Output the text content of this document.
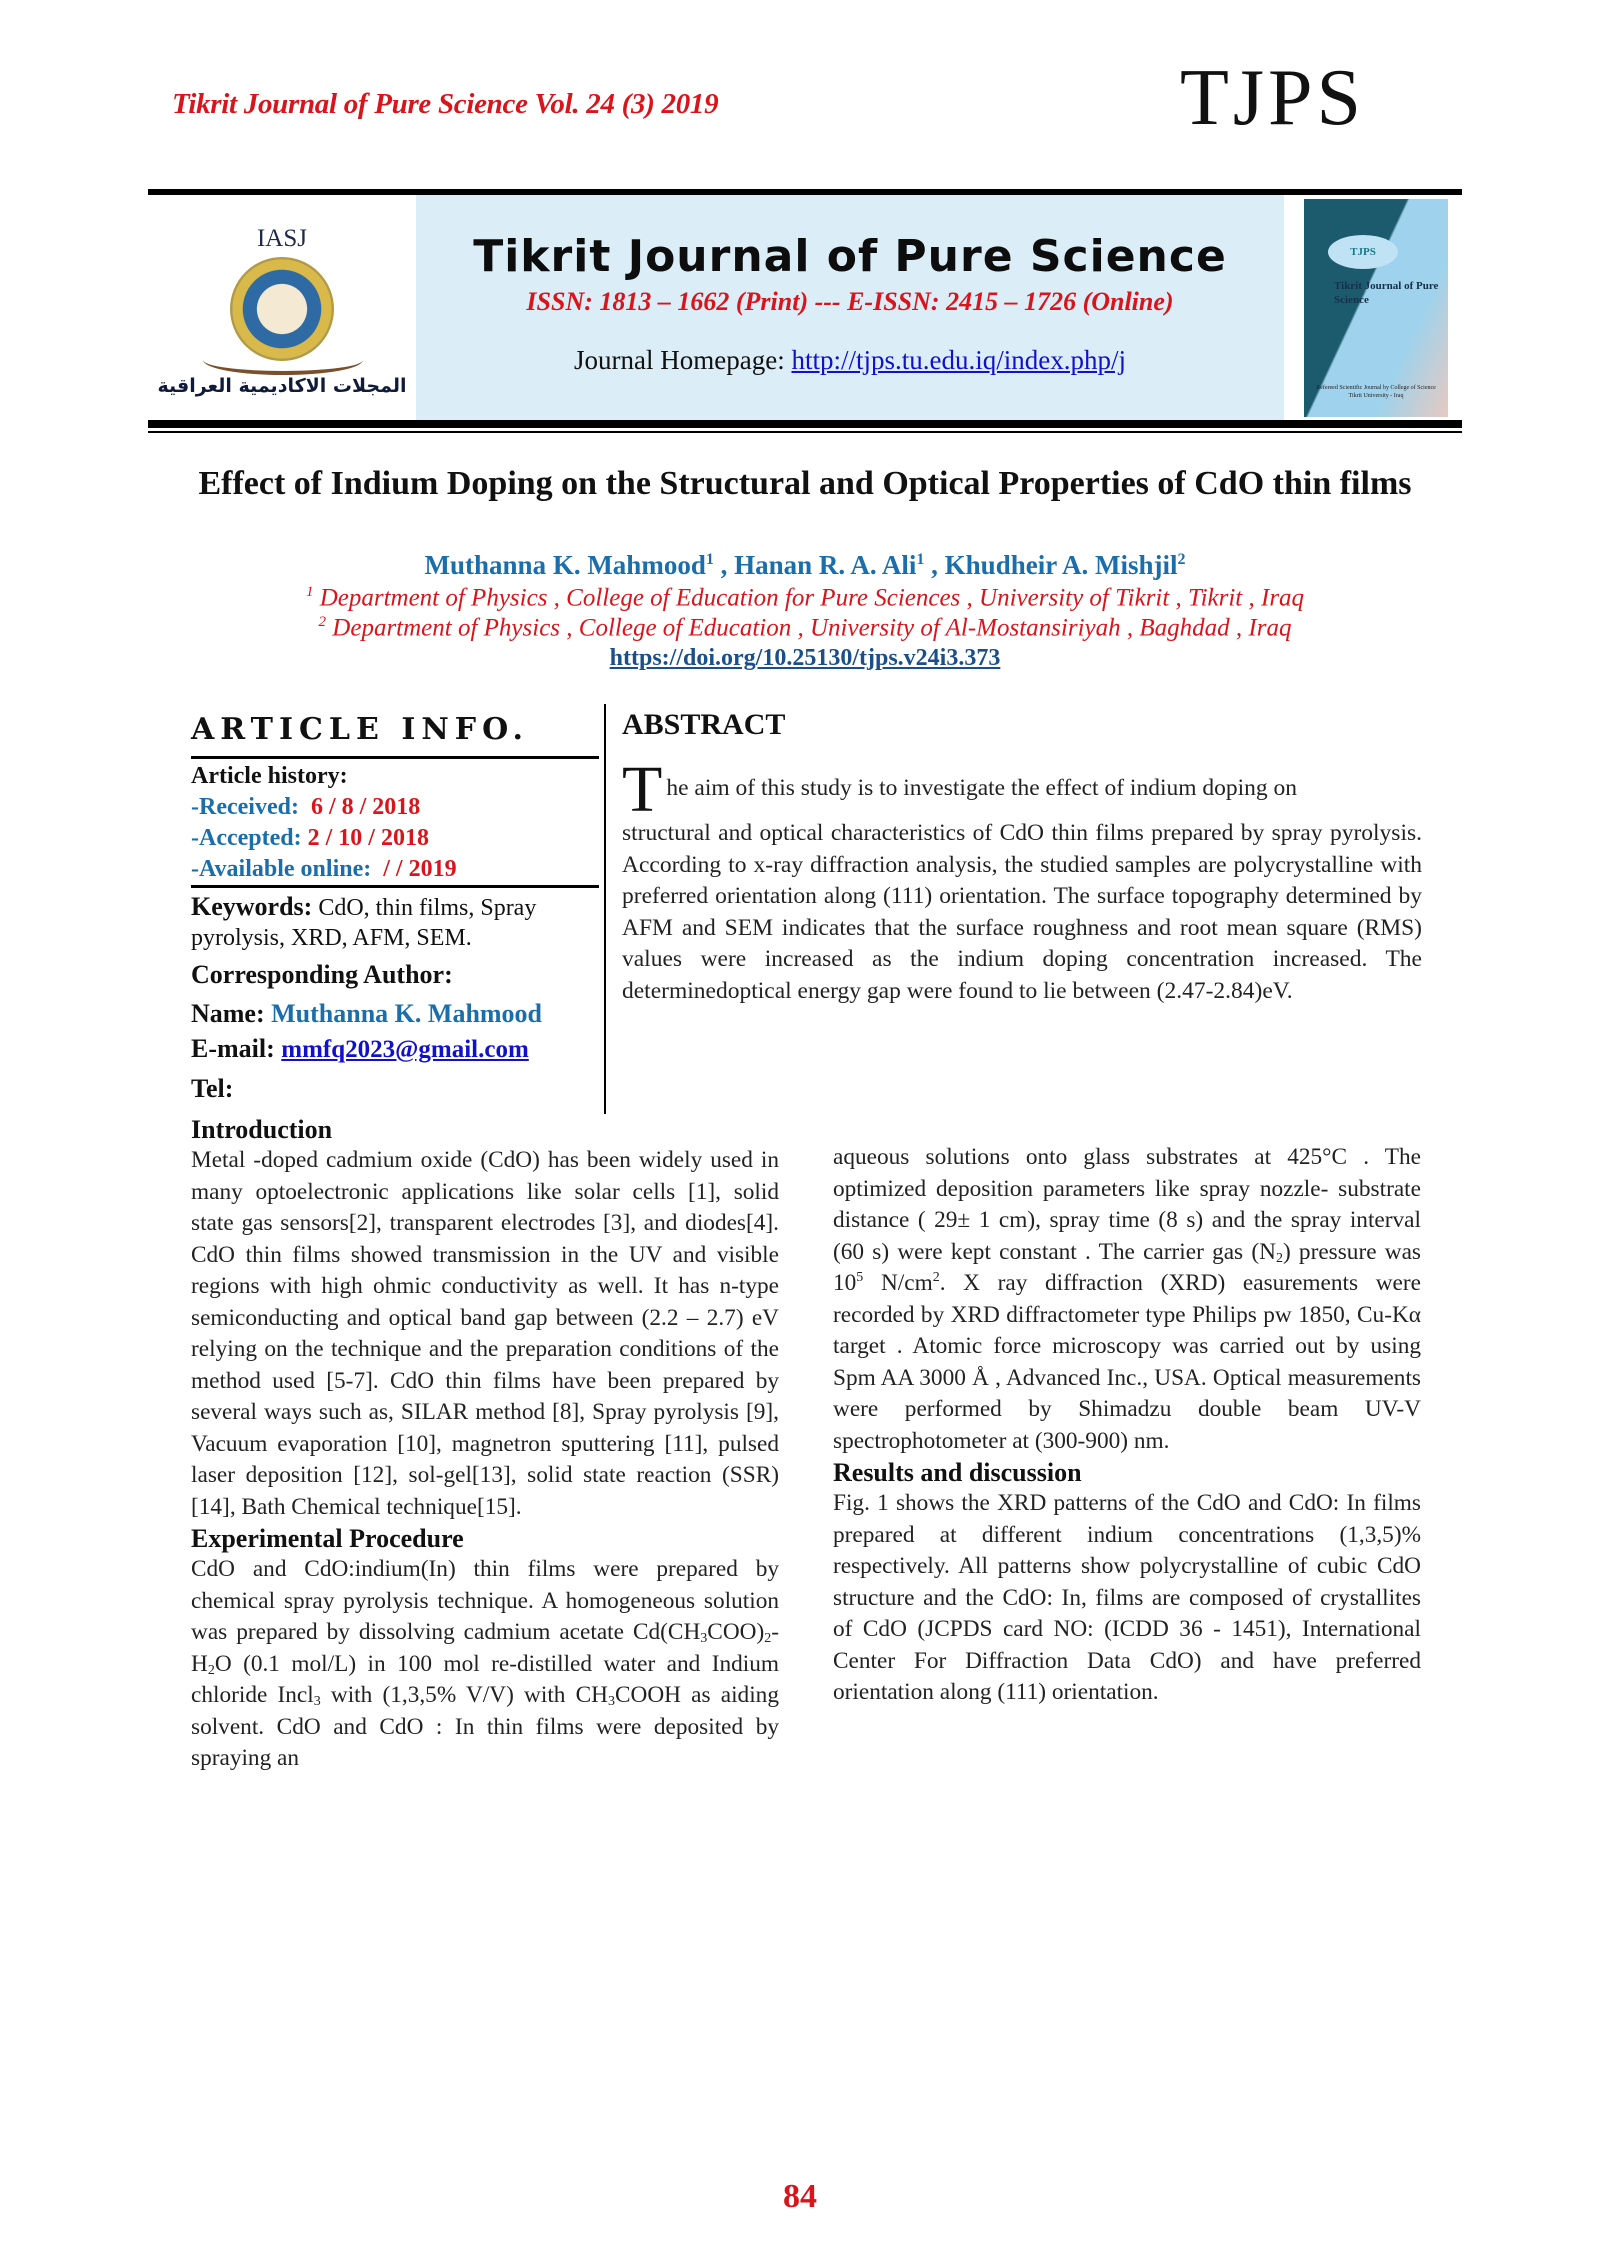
Tikrit Journal of Pure Science Vol. 24 (3) 2019	TJPS
IASJ
المجلات الاكاديمية العراقية
Tikrit Journal of Pure Science
ISSN: 1813 – 1662 (Print) --- E-ISSN: 2415 – 1726 (Online)
Journal Homepage: http://tjps.tu.edu.iq/index.php/j
TJPS
Tikrit Journal of Pure Science
Refereed Scientific Journal by College of Science Tikrit University - Iraq
Effect of Indium Doping on the Structural and Optical Properties of CdO thin films
Muthanna K. Mahmood$^1$ , Hanan R. A. Ali$^1$ , Khudheir A. Mishjil$^2$
$^1$ Department of Physics , College of Education for Pure Sciences , University of Tikrit , Tikrit , Iraq
$^2$ Department of Physics , College of Education , University of Al-Mostansiriyah , Baghdad , Iraq
https://doi.org/10.25130/tjps.v24i3.373
ARTICLE INFO.
Article history:
-Received: 6 / 8 / 2018
-Accepted: 2 / 10 / 2018
-Available online: / / 2019
Keywords: CdO, thin films, Spray pyrolysis, XRD, AFM, SEM.
Corresponding Author:
Name: Muthanna K. Mahmood
E-mail: mmfq2023@gmail.com
Tel:
ABSTRACT
The aim of this study is to investigate the effect of indium doping on
structural and optical characteristics of CdO thin films prepared by spray pyrolysis. According to x-ray diffraction analysis, the studied samples are polycrystalline with preferred orientation along (111) orientation. The surface topography determined by AFM and SEM indicates that the surface roughness and root mean square (RMS) values were increased as the indium doping concentration increased. The determinedoptical energy gap were found to lie between (2.47-2.84)eV.
Introduction
Metal -doped cadmium oxide (CdO) has been widely used in many optoelectronic applications like solar cells [1], solid state gas sensors[2], transparent electrodes [3], and diodes[4]. CdO thin films showed transmission in the UV and visible regions with high ohmic conductivity as well. It has n-type semiconducting and optical band gap between (2.2 – 2.7) eV relying on the technique and the preparation conditions of the method used [5-7]. CdO thin films have been prepared by several ways such as, SILAR method [8], Spray pyrolysis [9], Vacuum evaporation [10], magnetron sputtering [11], pulsed laser deposition [12], sol-gel[13], solid state reaction (SSR) [14], Bath Chemical technique[15].
Experimental Procedure
CdO and CdO:indium(In) thin films were prepared by chemical spray pyrolysis technique. A homogeneous solution was prepared by dissolving cadmium acetate $Cd(CH_3COO)_2-H_2O$ (0.1 mol/L) in 100 mol re-distilled water and Indium chloride Incl$_3$ with (1,3,5% V/V) with $CH_3COOH$ as aiding solvent. CdO and CdO : In thin films were deposited by spraying an
aqueous solutions onto glass substrates at 425°C . The optimized deposition parameters like spray nozzle- substrate distance ( 29± 1 cm), spray time (8 s) and the spray interval (60 s) were kept constant . The carrier gas $(N_2)$ pressure was $10^5$ $N/cm^2$. X ray diffraction (XRD) easurements were recorded by XRD diffractometer type Philips pw 1850, Cu-Kα target . Atomic force microscopy was carried out by using Spm AA 3000 Å , Advanced Inc., USA. Optical measurements were performed by Shimadzu double beam UV-V spectrophotometer at (300-900) nm.
Results and discussion
Fig. 1 shows the XRD patterns of the CdO and CdO: In films prepared at different indium concentrations (1,3,5)% respectively. All patterns show polycrystalline of cubic CdO structure and the CdO: In, films are composed of crystallites of CdO (JCPDS card NO: (ICDD 36 - 1451), International Center For Diffraction Data CdO) and have preferred orientation along (111) orientation.
84
